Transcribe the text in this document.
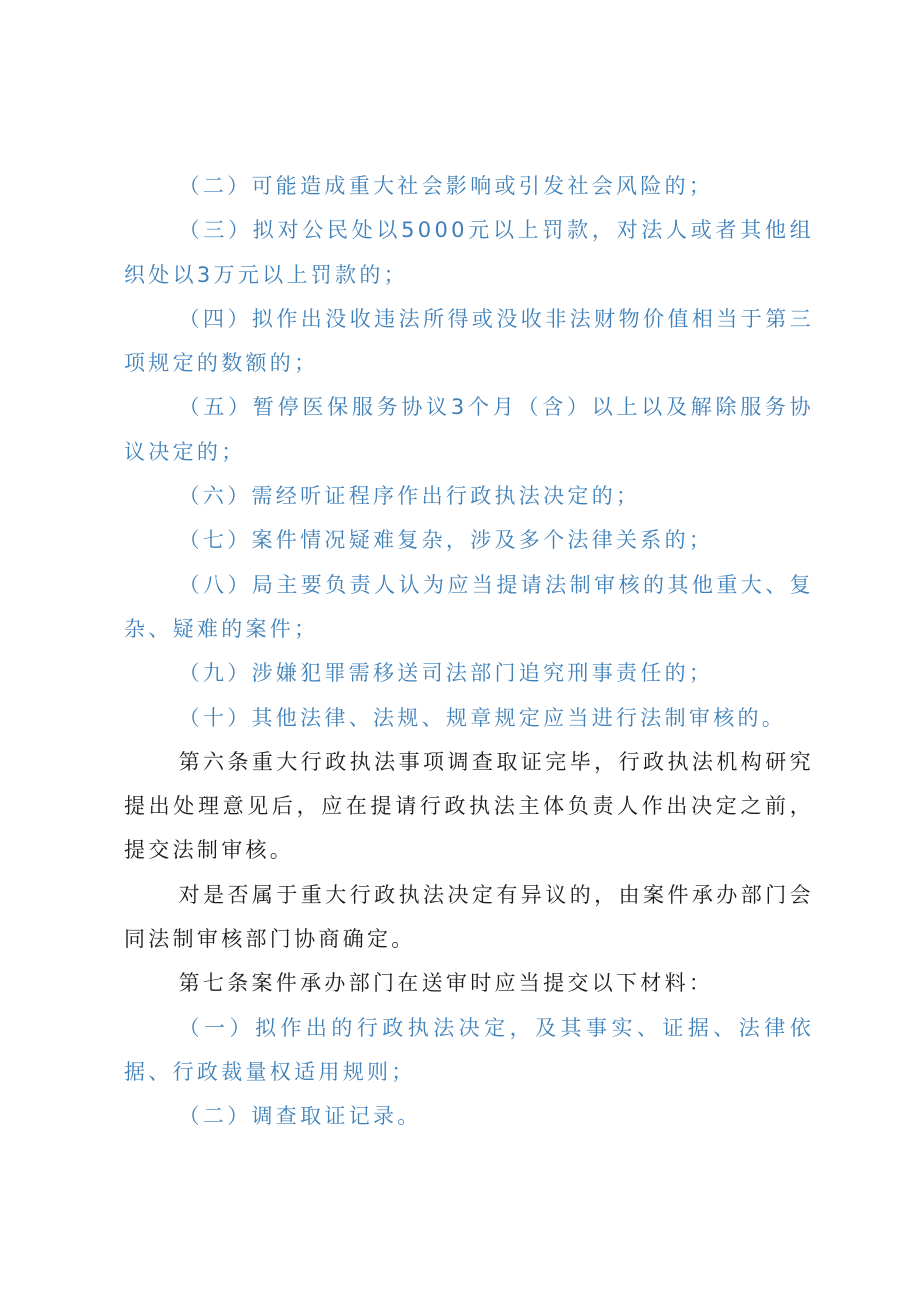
（二）可能造成重大社会影响或引发社会风险的；

（三）拟对公民处以5000元以上罚款，对法人或者其他组织处以3万元以上罚款的；

（四）拟作出没收违法所得或没收非法财物价值相当于第三项规定的数额的；

（五）暂停医保服务协议3个月（含）以上以及解除服务协议决定的；

（六）需经听证程序作出行政执法决定的；

（七）案件情况疑难复杂，涉及多个法律关系的；

（八）局主要负责人认为应当提请法制审核的其他重大、复杂、疑难的案件；

（九）涉嫌犯罪需移送司法部门追究刑事责任的；

（十）其他法律、法规、规章规定应当进行法制审核的。

第六条重大行政执法事项调查取证完毕，行政执法机构研究提出处理意见后，应在提请行政执法主体负责人作出决定之前，提交法制审核。

对是否属于重大行政执法决定有异议的，由案件承办部门会同法制审核部门协商确定。

第七条案件承办部门在送审时应当提交以下材料：

（一）拟作出的行政执法决定，及其事实、证据、法律依据、行政裁量权适用规则；

（二）调查取证记录。
